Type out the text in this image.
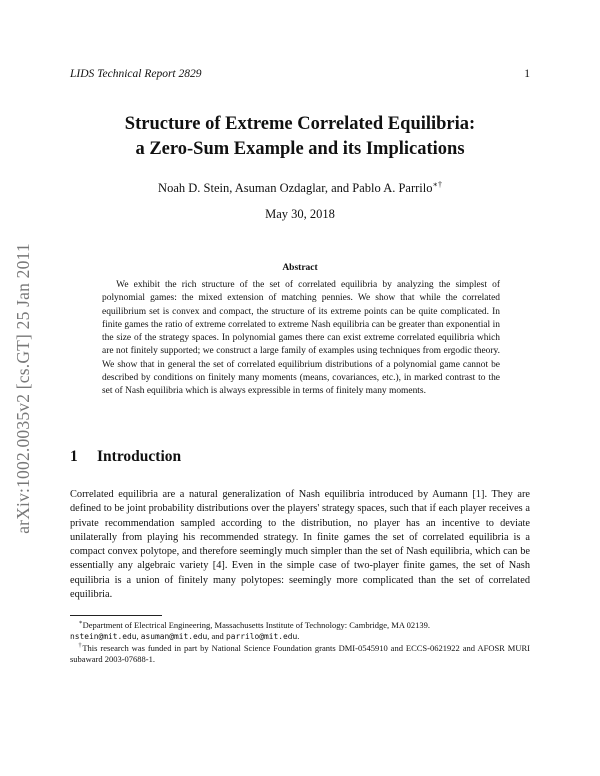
arXiv:1002.0035v2 [cs.GT] 25 Jan 2011
LIDS Technical Report 2829	1
Structure of Extreme Correlated Equilibria:
a Zero-Sum Example and its Implications
Noah D. Stein, Asuman Ozdaglar, and Pablo A. Parrilo∗†
May 30, 2018
Abstract

We exhibit the rich structure of the set of correlated equilibria by analyzing the simplest of polynomial games: the mixed extension of matching pennies. We show that while the correlated equilibrium set is convex and compact, the structure of its extreme points can be quite complicated. In finite games the ratio of extreme correlated to extreme Nash equilibria can be greater than exponential in the size of the strategy spaces. In polynomial games there can exist extreme correlated equilibria which are not finitely supported; we construct a large family of examples using techniques from ergodic theory. We show that in general the set of correlated equilibrium distributions of a polynomial game cannot be described by conditions on finitely many moments (means, covariances, etc.), in marked contrast to the set of Nash equilibria which is always expressible in terms of finitely many moments.

1 Introduction

Correlated equilibria are a natural generalization of Nash equilibria introduced by Aumann [1]. They are defined to be joint probability distributions over the players' strategy spaces, such that if each player receives a private recommendation sampled according to the distribution, no player has an incentive to deviate unilaterally from playing his recommended strategy. In finite games the set of correlated equilibria is a compact convex polytope, and therefore seemingly much simpler than the set of Nash equilibria, which can be essentially any algebraic variety [4]. Even in the simple case of two-player finite games, the set of Nash equilibria is a union of finitely many polytopes: seemingly more complicated than the set of correlated equilibria.

∗Department of Electrical Engineering, Massachusetts Institute of Technology: Cambridge, MA 02139.
nstein@mit.edu, asuman@mit.edu, and parrilo@mit.edu.

†This research was funded in part by National Science Foundation grants DMI-0545910 and ECCS-0621922 and AFOSR MURI subaward 2003-07688-1.
